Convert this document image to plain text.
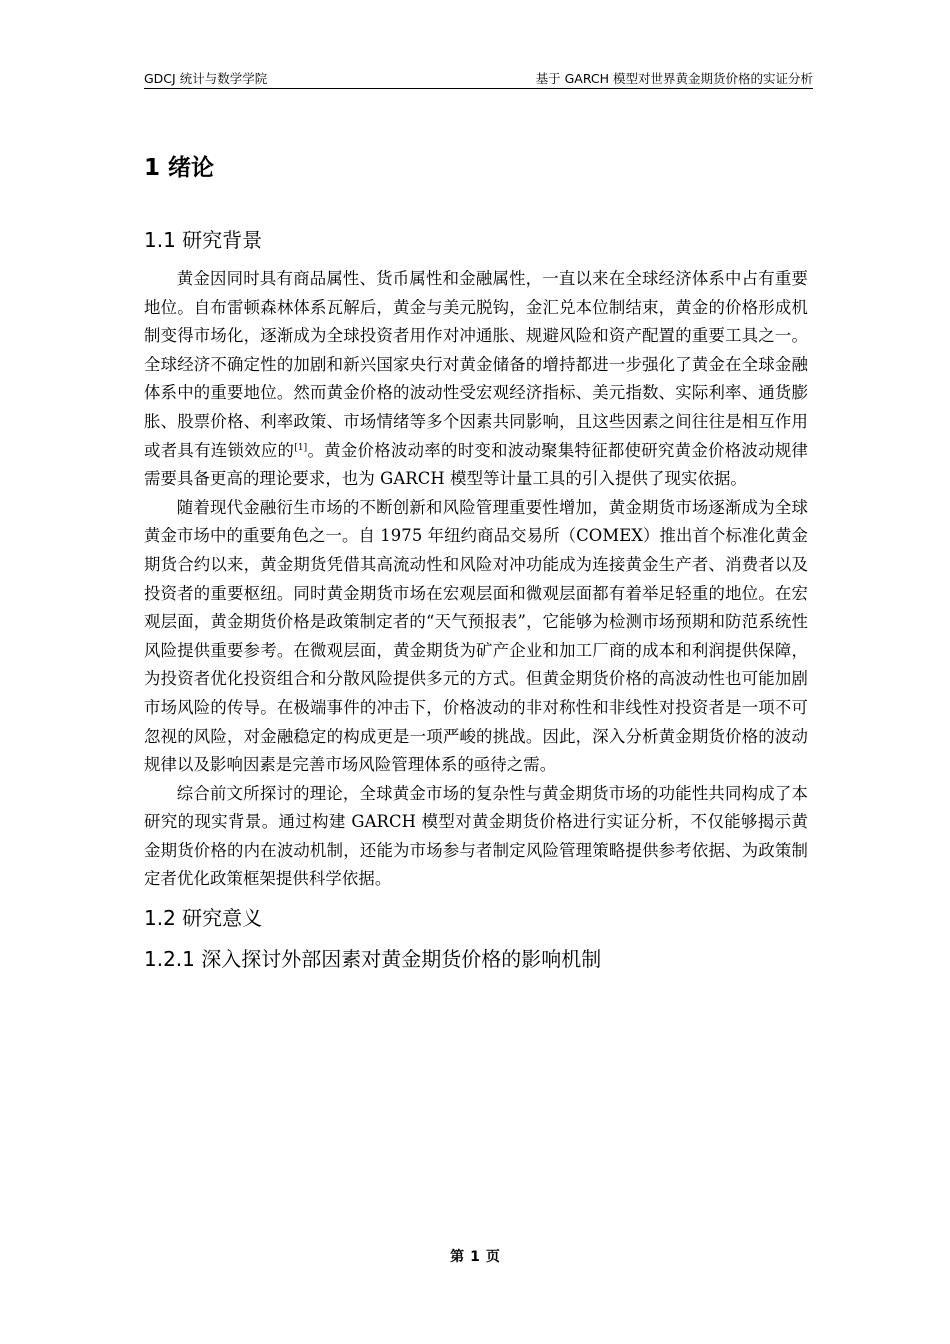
GDCJ 统计与数学学院	基于 GARCH 模型对世界黄金期货价格的实证分析
1 绪论
1.1 研究背景

黄金因同时具有商品属性、货币属性和金融属性，一直以来在全球经济体系中占有重要地位。自布雷顿森林体系瓦解后，黄金与美元脱钩，金汇兑本位制结束，黄金的价格形成机制变得市场化，逐渐成为全球投资者用作对冲通胀、规避风险和资产配置的重要工具之一。全球经济不确定性的加剧和新兴国家央行对黄金储备的增持都进一步强化了黄金在全球金融体系中的重要地位。然而黄金价格的波动性受宏观经济指标、美元指数、实际利率、通货膨胀、股票价格、利率政策、市场情绪等多个因素共同影响，且这些因素之间往往是相互作用或者具有连锁效应的[1]。黄金价格波动率的时变和波动聚集特征都使研究黄金价格波动规律需要具备更高的理论要求，也为 GARCH 模型等计量工具的引入提供了现实依据。

随着现代金融衍生市场的不断创新和风险管理重要性增加，黄金期货市场逐渐成为全球黄金市场中的重要角色之一。自 1975 年纽约商品交易所（COMEX）推出首个标准化黄金期货合约以来，黄金期货凭借其高流动性和风险对冲功能成为连接黄金生产者、消费者以及投资者的重要枢纽。同时黄金期货市场在宏观层面和微观层面都有着举足轻重的地位。在宏观层面，黄金期货价格是政策制定者的“天气预报表”，它能够为检测市场预期和防范系统性风险提供重要参考。在微观层面，黄金期货为矿产企业和加工厂商的成本和利润提供保障，为投资者优化投资组合和分散风险提供多元的方式。但黄金期货价格的高波动性也可能加剧市场风险的传导。在极端事件的冲击下，价格波动的非对称性和非线性对投资者是一项不可忽视的风险，对金融稳定的构成更是一项严峻的挑战。因此，深入分析黄金期货价格的波动规律以及影响因素是完善市场风险管理体系的亟待之需。

综合前文所探讨的理论，全球黄金市场的复杂性与黄金期货市场的功能性共同构成了本研究的现实背景。通过构建 GARCH 模型对黄金期货价格进行实证分析，不仅能够揭示黄金期货价格的内在波动机制，还能为市场参与者制定风险管理策略提供参考依据、为政策制定者优化政策框架提供科学依据。

1.2 研究意义
1.2.1 深入探讨外部因素对黄金期货价格的影响机制
第 1 页
